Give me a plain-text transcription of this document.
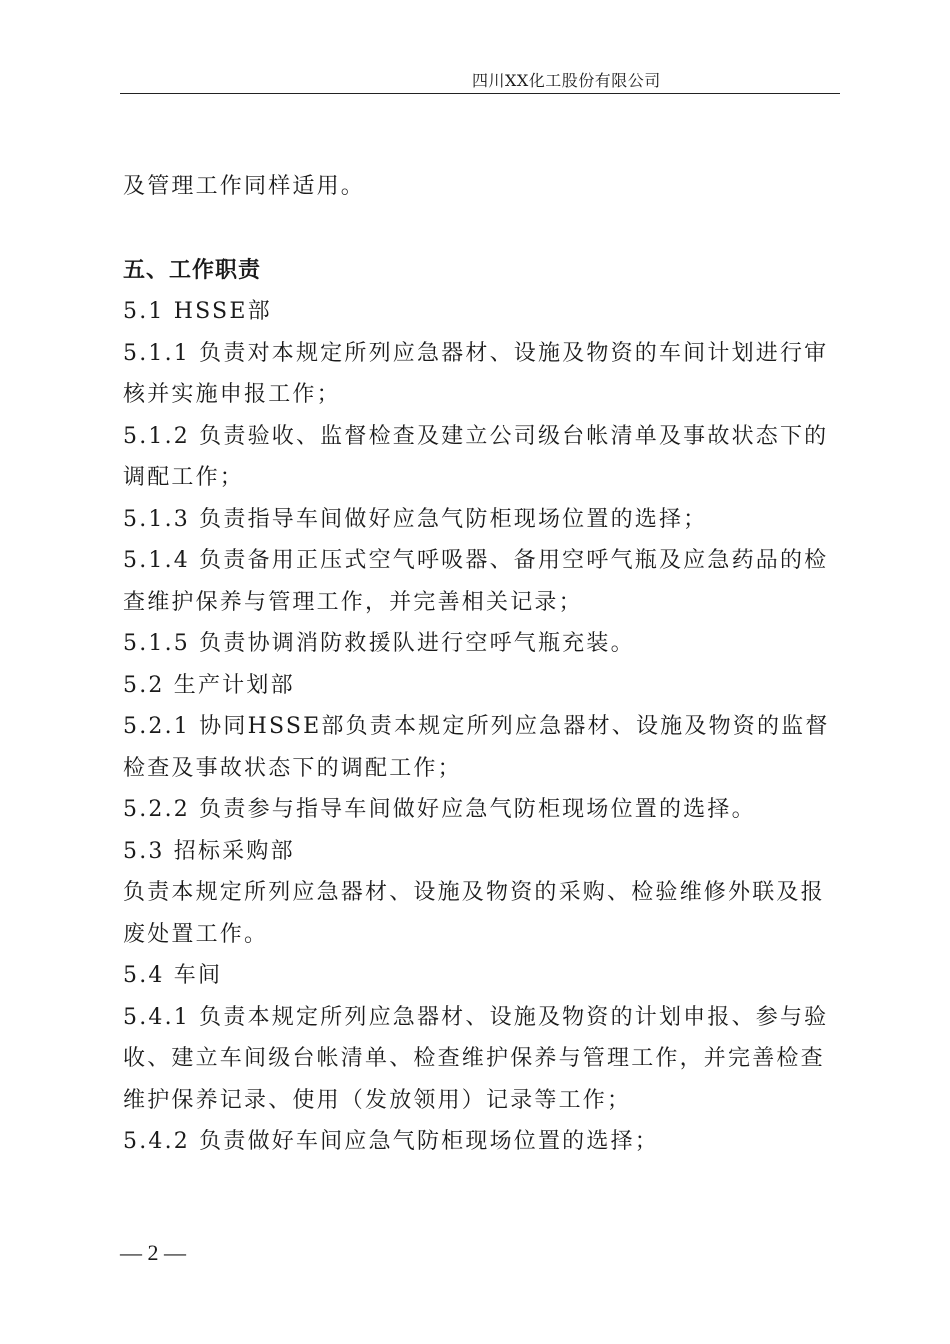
四川XX化工股份有限公司
及管理工作同样适用。
五、工作职责
5.1 HSSE部
5.1.1 负责对本规定所列应急器材、设施及物资的车间计划进行审
核并实施申报工作；
5.1.2 负责验收、监督检查及建立公司级台帐清单及事故状态下的
调配工作；
5.1.3 负责指导车间做好应急气防柜现场位置的选择；
5.1.4 负责备用正压式空气呼吸器、备用空呼气瓶及应急药品的检
查维护保养与管理工作，并完善相关记录；
5.1.5 负责协调消防救援队进行空呼气瓶充装。
5.2 生产计划部
5.2.1 协同HSSE部负责本规定所列应急器材、设施及物资的监督
检查及事故状态下的调配工作；
5.2.2 负责参与指导车间做好应急气防柜现场位置的选择。
5.3 招标采购部
负责本规定所列应急器材、设施及物资的采购、检验维修外联及报
废处置工作。
5.4 车间
5.4.1 负责本规定所列应急器材、设施及物资的计划申报、参与验
收、建立车间级台帐清单、检查维护保养与管理工作，并完善检查
维护保养记录、使用（发放领用）记录等工作；
5.4.2 负责做好车间应急气防柜现场位置的选择；
— 2 —
